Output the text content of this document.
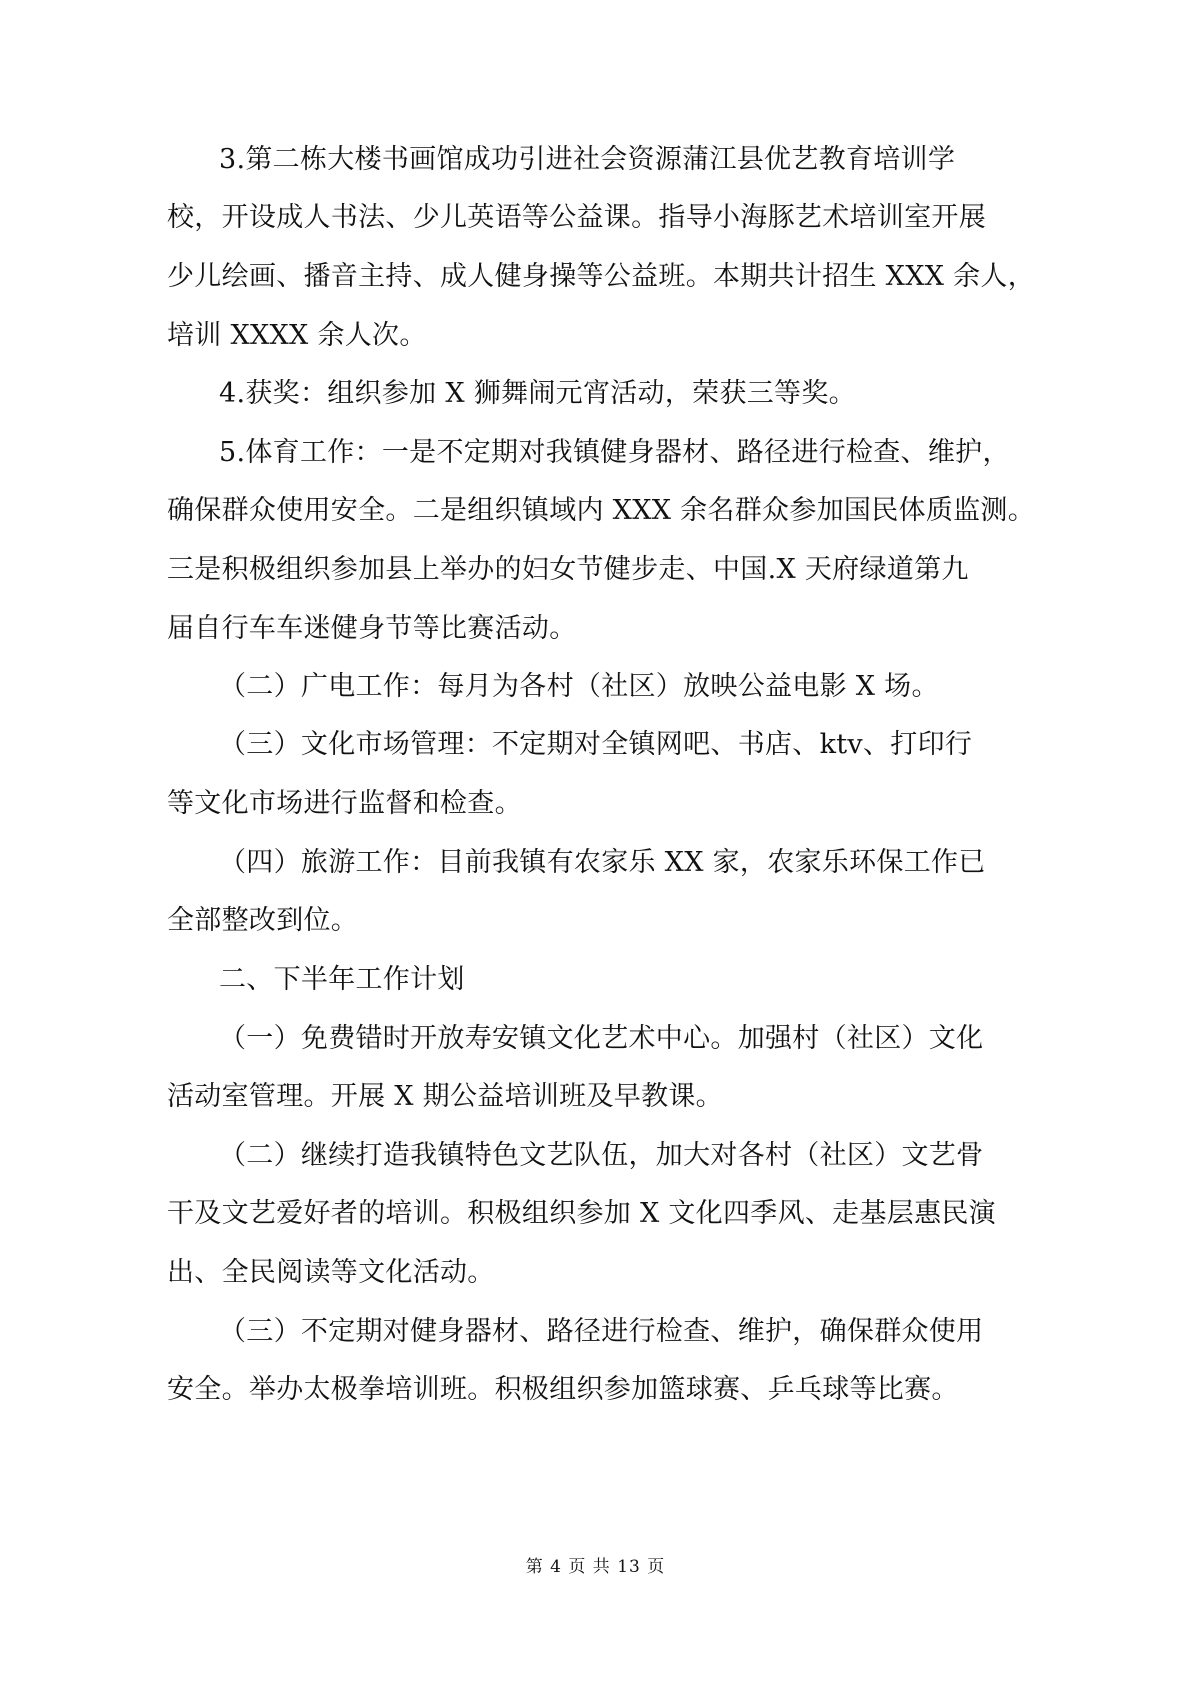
3.第二栋大楼书画馆成功引进社会资源蒲江县优艺教育培训学
校，开设成人书法、少儿英语等公益课。指导小海豚艺术培训室开展
少儿绘画、播音主持、成人健身操等公益班。本期共计招生 XXX 余人，
培训 XXXX 余人次。
4.获奖：组织参加 X 狮舞闹元宵活动，荣获三等奖。
5.体育工作：一是不定期对我镇健身器材、路径进行检查、维护，
确保群众使用安全。二是组织镇域内 XXX 余名群众参加国民体质监测。
三是积极组织参加县上举办的妇女节健步走、中国.X 天府绿道第九
届自行车车迷健身节等比赛活动。
（二）广电工作：每月为各村（社区）放映公益电影 X 场。
（三）文化市场管理：不定期对全镇网吧、书店、ktv、打印行
等文化市场进行监督和检查。
（四）旅游工作：目前我镇有农家乐 XX 家，农家乐环保工作已
全部整改到位。
二、下半年工作计划
（一）免费错时开放寿安镇文化艺术中心。加强村（社区）文化
活动室管理。开展 X 期公益培训班及早教课。
（二）继续打造我镇特色文艺队伍，加大对各村（社区）文艺骨
干及文艺爱好者的培训。积极组织参加 X 文化四季风、走基层惠民演
出、全民阅读等文化活动。
（三）不定期对健身器材、路径进行检查、维护，确保群众使用
安全。举办太极拳培训班。积极组织参加篮球赛、乒乓球等比赛。
第 4 页 共 13 页
